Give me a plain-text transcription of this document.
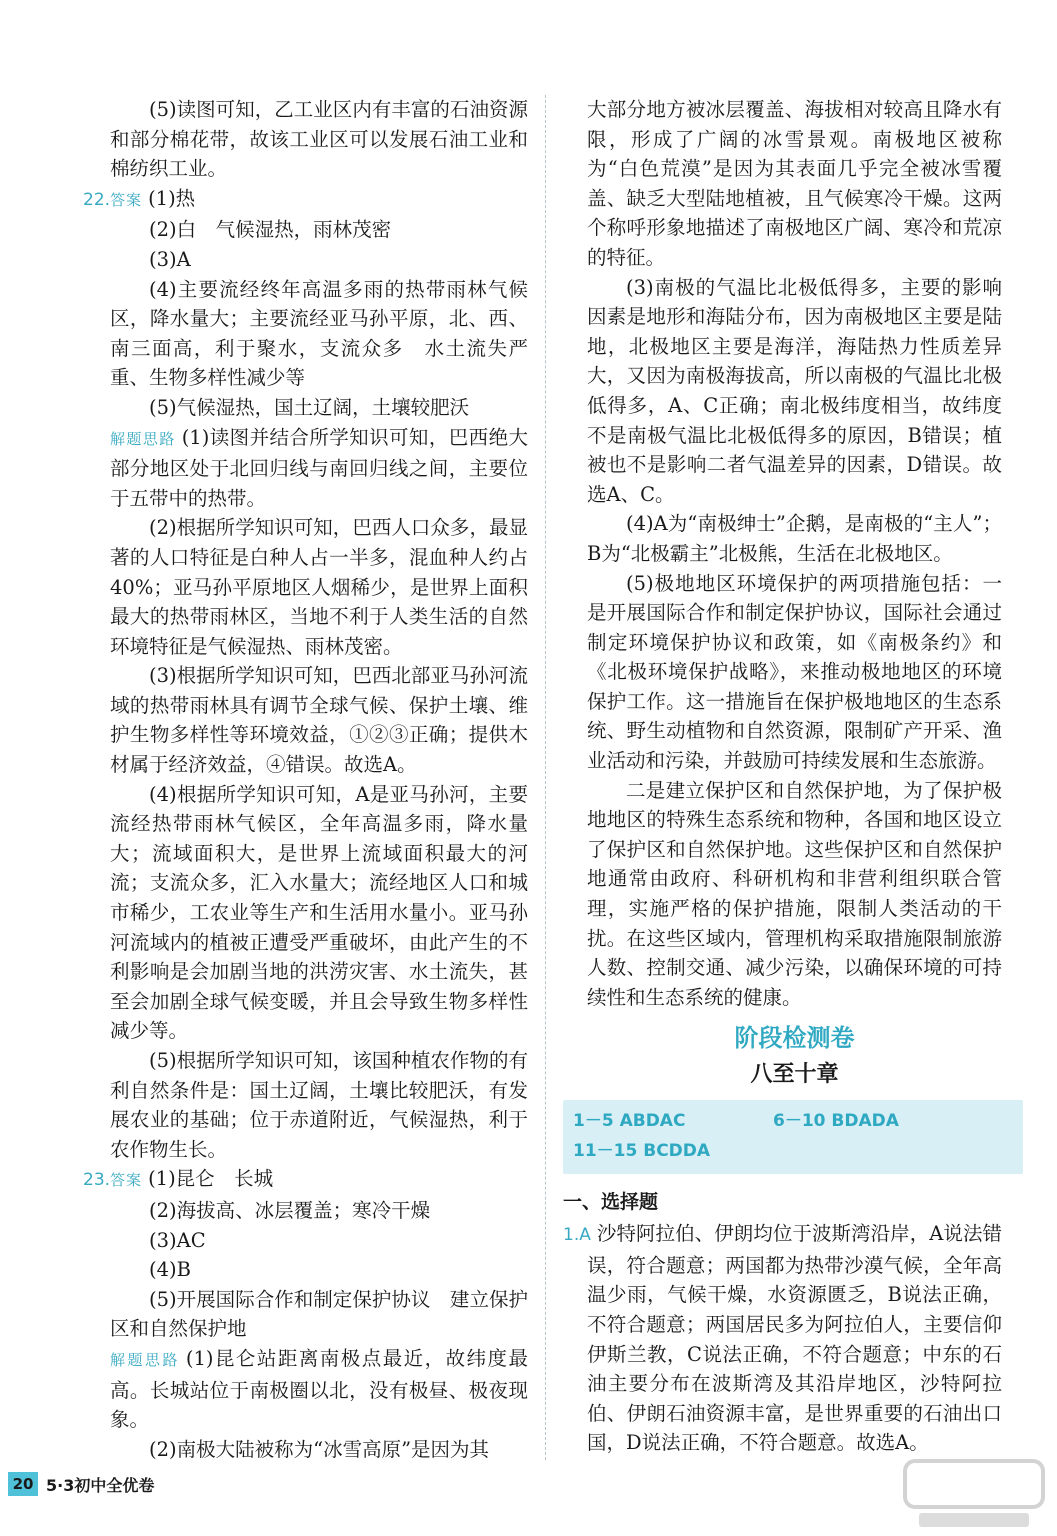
(5)读图可知，乙工业区内有丰富的石油资源和部分棉花带，故该工业区可以发展石油工业和棉纺织工业。

22.答案 (1)热

(2)白　气候湿热，雨林茂密

(3)A

(4)主要流经终年高温多雨的热带雨林气候区，降水量大；主要流经亚马孙平原，北、西、南三面高，利于聚水，支流众多　水土流失严重、生物多样性减少等

(5)气候湿热，国土辽阔，土壤较肥沃

解题思路 (1)读图并结合所学知识可知，巴西绝大部分地区处于北回归线与南回归线之间，主要位于五带中的热带。

(2)根据所学知识可知，巴西人口众多，最显著的人口特征是白种人占一半多，混血种人约占40%；亚马孙平原地区人烟稀少，是世界上面积最大的热带雨林区，当地不利于人类生活的自然环境特征是气候湿热、雨林茂密。

(3)根据所学知识可知，巴西北部亚马孙河流域的热带雨林具有调节全球气候、保护土壤、维护生物多样性等环境效益，①②③正确；提供木材属于经济效益，④错误。故选A。

(4)根据所学知识可知，A是亚马孙河，主要流经热带雨林气候区，全年高温多雨，降水量大；流域面积大，是世界上流域面积最大的河流；支流众多，汇入水量大；流经地区人口和城市稀少，工农业等生产和生活用水量小。亚马孙河流域内的植被正遭受严重破坏，由此产生的不利影响是会加剧当地的洪涝灾害、水土流失，甚至会加剧全球气候变暖，并且会导致生物多样性减少等。

(5)根据所学知识可知，该国种植农作物的有利自然条件是：国土辽阔，土壤比较肥沃，有发展农业的基础；位于赤道附近，气候湿热，利于农作物生长。

23.答案 (1)昆仑　长城

(2)海拔高、冰层覆盖；寒冷干燥

(3)AC

(4)B

(5)开展国际合作和制定保护协议　建立保护区和自然保护地

解题思路 (1)昆仑站距离南极点最近，故纬度最高。长城站位于南极圈以北，没有极昼、极夜现象。

(2)南极大陆被称为“冰雪高原”是因为其

大部分地方被冰层覆盖、海拔相对较高且降水有限，形成了广阔的冰雪景观。南极地区被称为“白色荒漠”是因为其表面几乎完全被冰雪覆盖、缺乏大型陆地植被，且气候寒冷干燥。这两个称呼形象地描述了南极地区广阔、寒冷和荒凉的特征。

(3)南极的气温比北极低得多，主要的影响因素是地形和海陆分布，因为南极地区主要是陆地，北极地区主要是海洋，海陆热力性质差异大，又因为南极海拔高，所以南极的气温比北极低得多，A、C正确；南北极纬度相当，故纬度不是南极气温比北极低得多的原因，B错误；植被也不是影响二者气温差异的因素，D错误。故选A、C。

(4)A为“南极绅士”企鹅，是南极的“主人”；B为“北极霸主”北极熊，生活在北极地区。

(5)极地地区环境保护的两项措施包括：一是开展国际合作和制定保护协议，国际社会通过制定环境保护协议和政策，如《南极条约》和《北极环境保护战略》，来推动极地地区的环境保护工作。这一措施旨在保护极地地区的生态系统、野生动植物和自然资源，限制矿产开采、渔业活动和污染，并鼓励可持续发展和生态旅游。

二是建立保护区和自然保护地，为了保护极地地区的特殊生态系统和物种，各国和地区设立了保护区和自然保护地。这些保护区和自然保护地通常由政府、科研机构和非营利组织联合管理，实施严格的保护措施，限制人类活动的干扰。在这些区域内，管理机构采取措施限制旅游人数、控制交通、减少污染，以确保环境的可持续性和生态系统的健康。

阶段检测卷
八至十章
1－5 ABDAC	6－10 BDADA
11－15 BCDDA
一、选择题

1.A 沙特阿拉伯、伊朗均位于波斯湾沿岸，A说法错误，符合题意；两国都为热带沙漠气候，全年高温少雨，气候干燥，水资源匮乏，B说法正确，不符合题意；两国居民多为阿拉伯人，主要信仰伊斯兰教，C说法正确，不符合题意；中东的石油主要分布在波斯湾及其沿岸地区，沙特阿拉伯、伊朗石油资源丰富，是世界重要的石油出口国，D说法正确，不符合题意。故选A。

20 5·3初中全优卷
